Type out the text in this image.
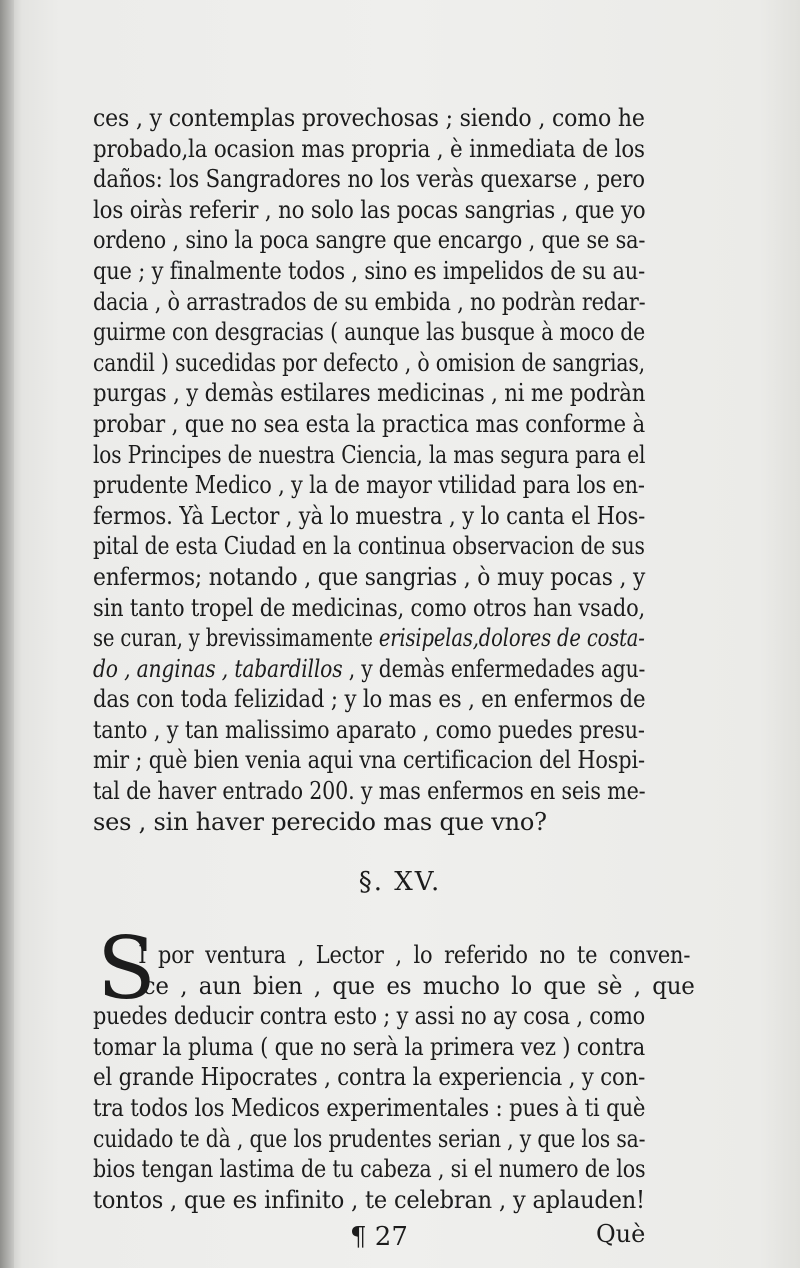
ces , y contemplas provechosas ; siendo , como he
probado,la ocasion mas propria , è inmediata de los
daños: los Sangradores no los veràs quexarse , pero
los oiràs referir , no solo las pocas sangrias , que yo
ordeno , sino la poca sangre que encargo , que se sa-
que ; y finalmente todos , sino es impelidos de su au-
dacia , ò arrastrados de su embida , no podràn redar-
guirme con desgracias ( aunque las busque à moco de
candil ) sucedidas por defecto , ò omision de sangrias,
purgas , y demàs estilares medicinas , ni me podràn
probar , que no sea esta la practica mas conforme à
los Principes de nuestra Ciencia, la mas segura para el
prudente Medico , y la de mayor vtilidad para los en-
fermos. Yà Lector , yà lo muestra , y lo canta el Hos-
pital de esta Ciudad en la continua observacion de sus
enfermos; notando , que sangrias , ò muy pocas , y
sin tanto tropel de medicinas, como otros han vsado,
se curan, y brevissimamente erisipelas,dolores de costa-
do , anginas , tabardillos , y demàs enfermedades agu-
das con toda felizidad ; y lo mas es , en enfermos de
tanto , y tan malissimo aparato , como puedes presu-
mir ; què bien venia aqui vna certificacion del Hospi-
tal de haver entrado 200. y mas enfermos en seis me-
ses , sin haver perecido mas que vno?
§. XV.
S
I por ventura , Lector , lo referido no te conven-
ce , aun bien , que es mucho lo que sè , que
puedes deducir contra esto ; y assi no ay cosa , como
tomar la pluma ( que no serà la primera vez ) contra
el grande Hipocrates , contra la experiencia , y con-
tra todos los Medicos experimentales : pues à ti què
cuidado te dà , que los prudentes serian , y que los sa-
bios tengan lastima de tu cabeza , si el numero de los
tontos , que es infinito , te celebran , y aplauden!
¶ 27	Què
